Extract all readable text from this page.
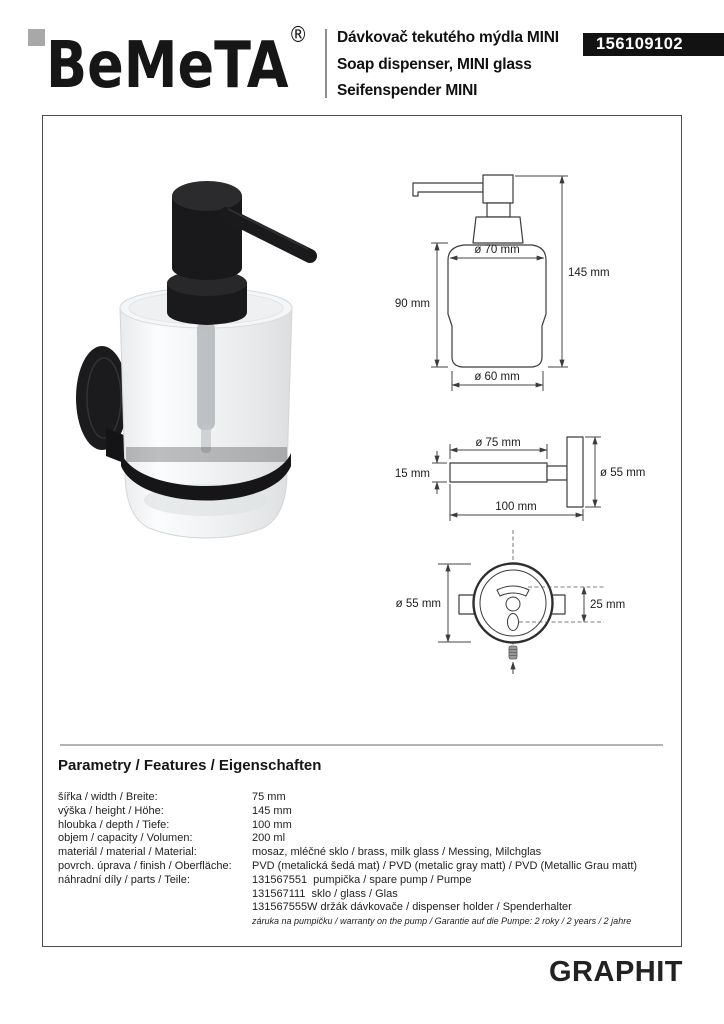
BeMeTA® Dávkovač tekutého mýdla MINI
Soap dispenser, MINI glass
Seifenspender MINI
156109102
ø 70 mm
145 mm
90 mm
ø 60 mm
ø 75 mm
15 mm	ø 55 mm
100 mm
25 mm
ø 55 mm
Parametry / Features / Eigenschaften
šířka / width / Breite:	75 mm
výška / height / Höhe:	145 mm
hloubka / depth / Tiefe:	100 mm
objem / capacity / Volumen:	200 ml
materiál / material / Material:	mosaz, mléčné sklo / brass, milk glass / Messing, Milchglas
povrch. úprava / finish / Oberfläche:	PVD (metalická šedá mat) / PVD (metalic gray matt) / PVD (Metallic Grau matt)
náhradní díly / parts / Teile:	131567551  pumpička / spare pump / Pumpe
131567111  sklo / glass / Glas
131567555W držák dávkovače / dispenser holder / Spenderhalter
záruka na pumpičku / warranty on the pump / Garantie auf die Pumpe: 2 roky / 2 years / 2 jahre
GRAPHIT
